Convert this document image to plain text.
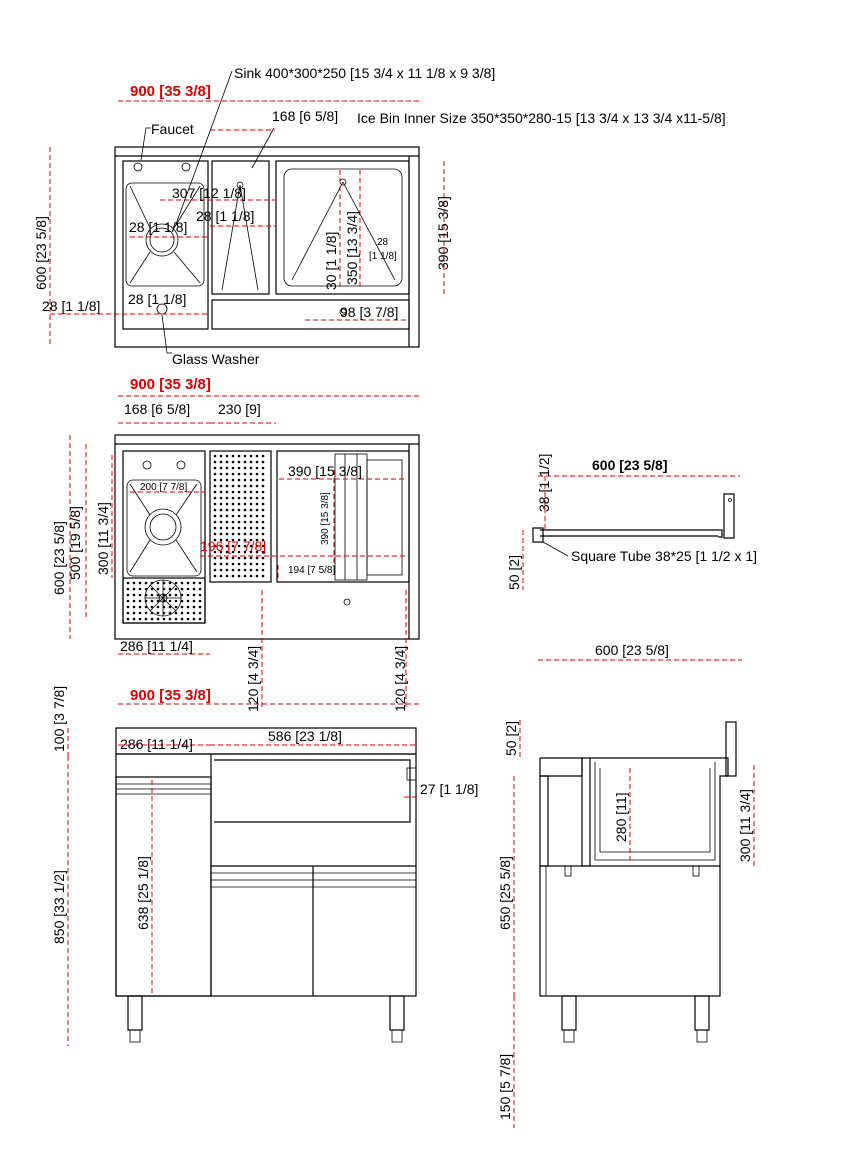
Sink 400*300*250 [15 3/4 x 11 1/8 x 9 3/8]
Ice Bin Inner Size 350*350*280-15 [13 3/4 x 13 3/4 x11-5/8]
Faucet
Glass Washer
900 [35 3/8]
168 [6 5/8]
307 [12 1/8]
28 [1 1/8]
28 [1 1/8]
28 [1 1/8]
28 [1 1/8]
30 [1 1/8] 350 [13 3/4] 28
[1 1/8]	390 [15 3/8]
600 [23 5/8]
98 [3 7/8]
900 [35 3/8]
168 [6 5/8] 230 [9]
200 [7 7/8]
196 [7 7/8]
390 [15 3/8]
390 [15 3/8]
194 [7 5/8]
600 [23 5/8] 500 [19 5/8] 300 [11 3/4]
286 [11 1/4]	120 [4 3/4]	120 [4 3/4]
600 [23 5/8]
38 [1 1/2]
50 [2]	Square Tube 38*25 [1 1/2 x 1]
900 [35 3/8]
286 [11 1/4]	586 [23 1/8]
27 [1 1/8]
100 [3 7/8]
850 [33 1/2]	638 [25 1/8]
600 [23 5/8]
50 [2]
280 [11]	300 [11 3/4]
650 [25 5/8]
150 [5 7/8]
